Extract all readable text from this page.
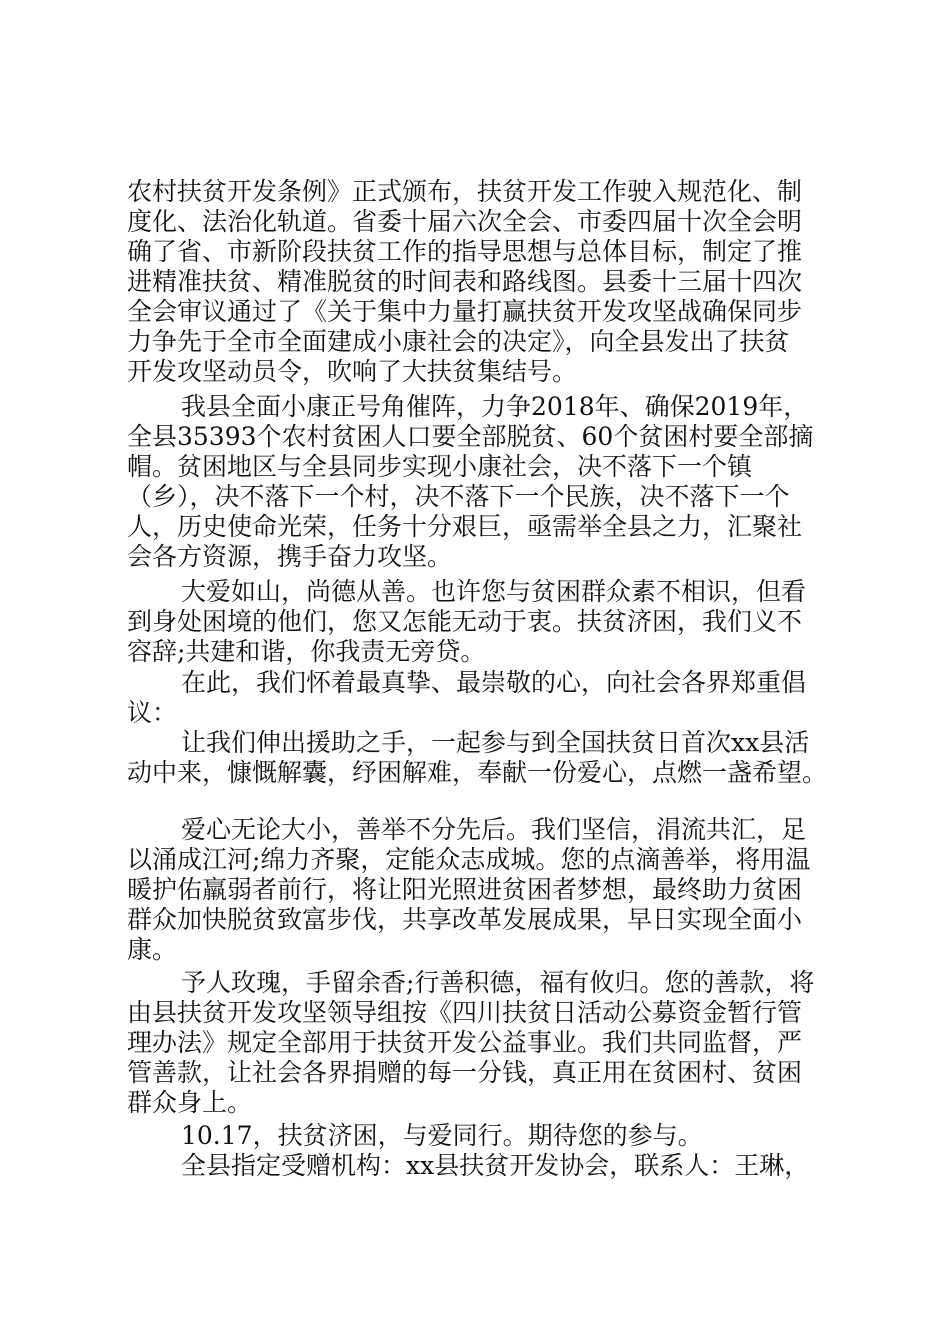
农村扶贫开发条例》正式颁布，扶贫开发工作驶入规范化、制
度化、法治化轨道。省委十届六次全会、市委四届十次全会明
确了省、市新阶段扶贫工作的指导思想与总体目标，制定了推
进精准扶贫、精准脱贫的时间表和路线图。县委十三届十四次
全会审议通过了《关于集中力量打赢扶贫开发攻坚战确保同步
力争先于全市全面建成小康社会的决定》，向全县发出了扶贫
开发攻坚动员令，吹响了大扶贫集结号。
我县全面小康正号角催阵，力争2018年、确保2019年，
全县35393个农村贫困人口要全部脱贫、60个贫困村要全部摘
帽。贫困地区与全县同步实现小康社会，决不落下一个镇
（乡），决不落下一个村，决不落下一个民族，决不落下一个
人，历史使命光荣，任务十分艰巨，亟需举全县之力，汇聚社
会各方资源，携手奋力攻坚。
大爱如山，尚德从善。也许您与贫困群众素不相识，但看
到身处困境的他们，您又怎能无动于衷。扶贫济困，我们义不
容辞;共建和谐，你我责无旁贷。
在此，我们怀着最真挚、最崇敬的心，向社会各界郑重倡
议：
让我们伸出援助之手，一起参与到全国扶贫日首次xx县活
动中来，慷慨解囊，纾困解难，奉献一份爱心，点燃一盏希望。
爱心无论大小，善举不分先后。我们坚信，涓流共汇，足
以涌成江河;绵力齐聚，定能众志成城。您的点滴善举，将用温
暖护佑羸弱者前行，将让阳光照进贫困者梦想，最终助力贫困
群众加快脱贫致富步伐，共享改革发展成果，早日实现全面小
康。
予人玫瑰，手留余香;行善积德，福有攸归。您的善款，将
由县扶贫开发攻坚领导组按《四川扶贫日活动公募资金暂行管
理办法》规定全部用于扶贫开发公益事业。我们共同监督，严
管善款，让社会各界捐赠的每一分钱，真正用在贫困村、贫困
群众身上。
10.17，扶贫济困，与爱同行。期待您的参与。
全县指定受赠机构：xx县扶贫开发协会，联系人：王琳，
